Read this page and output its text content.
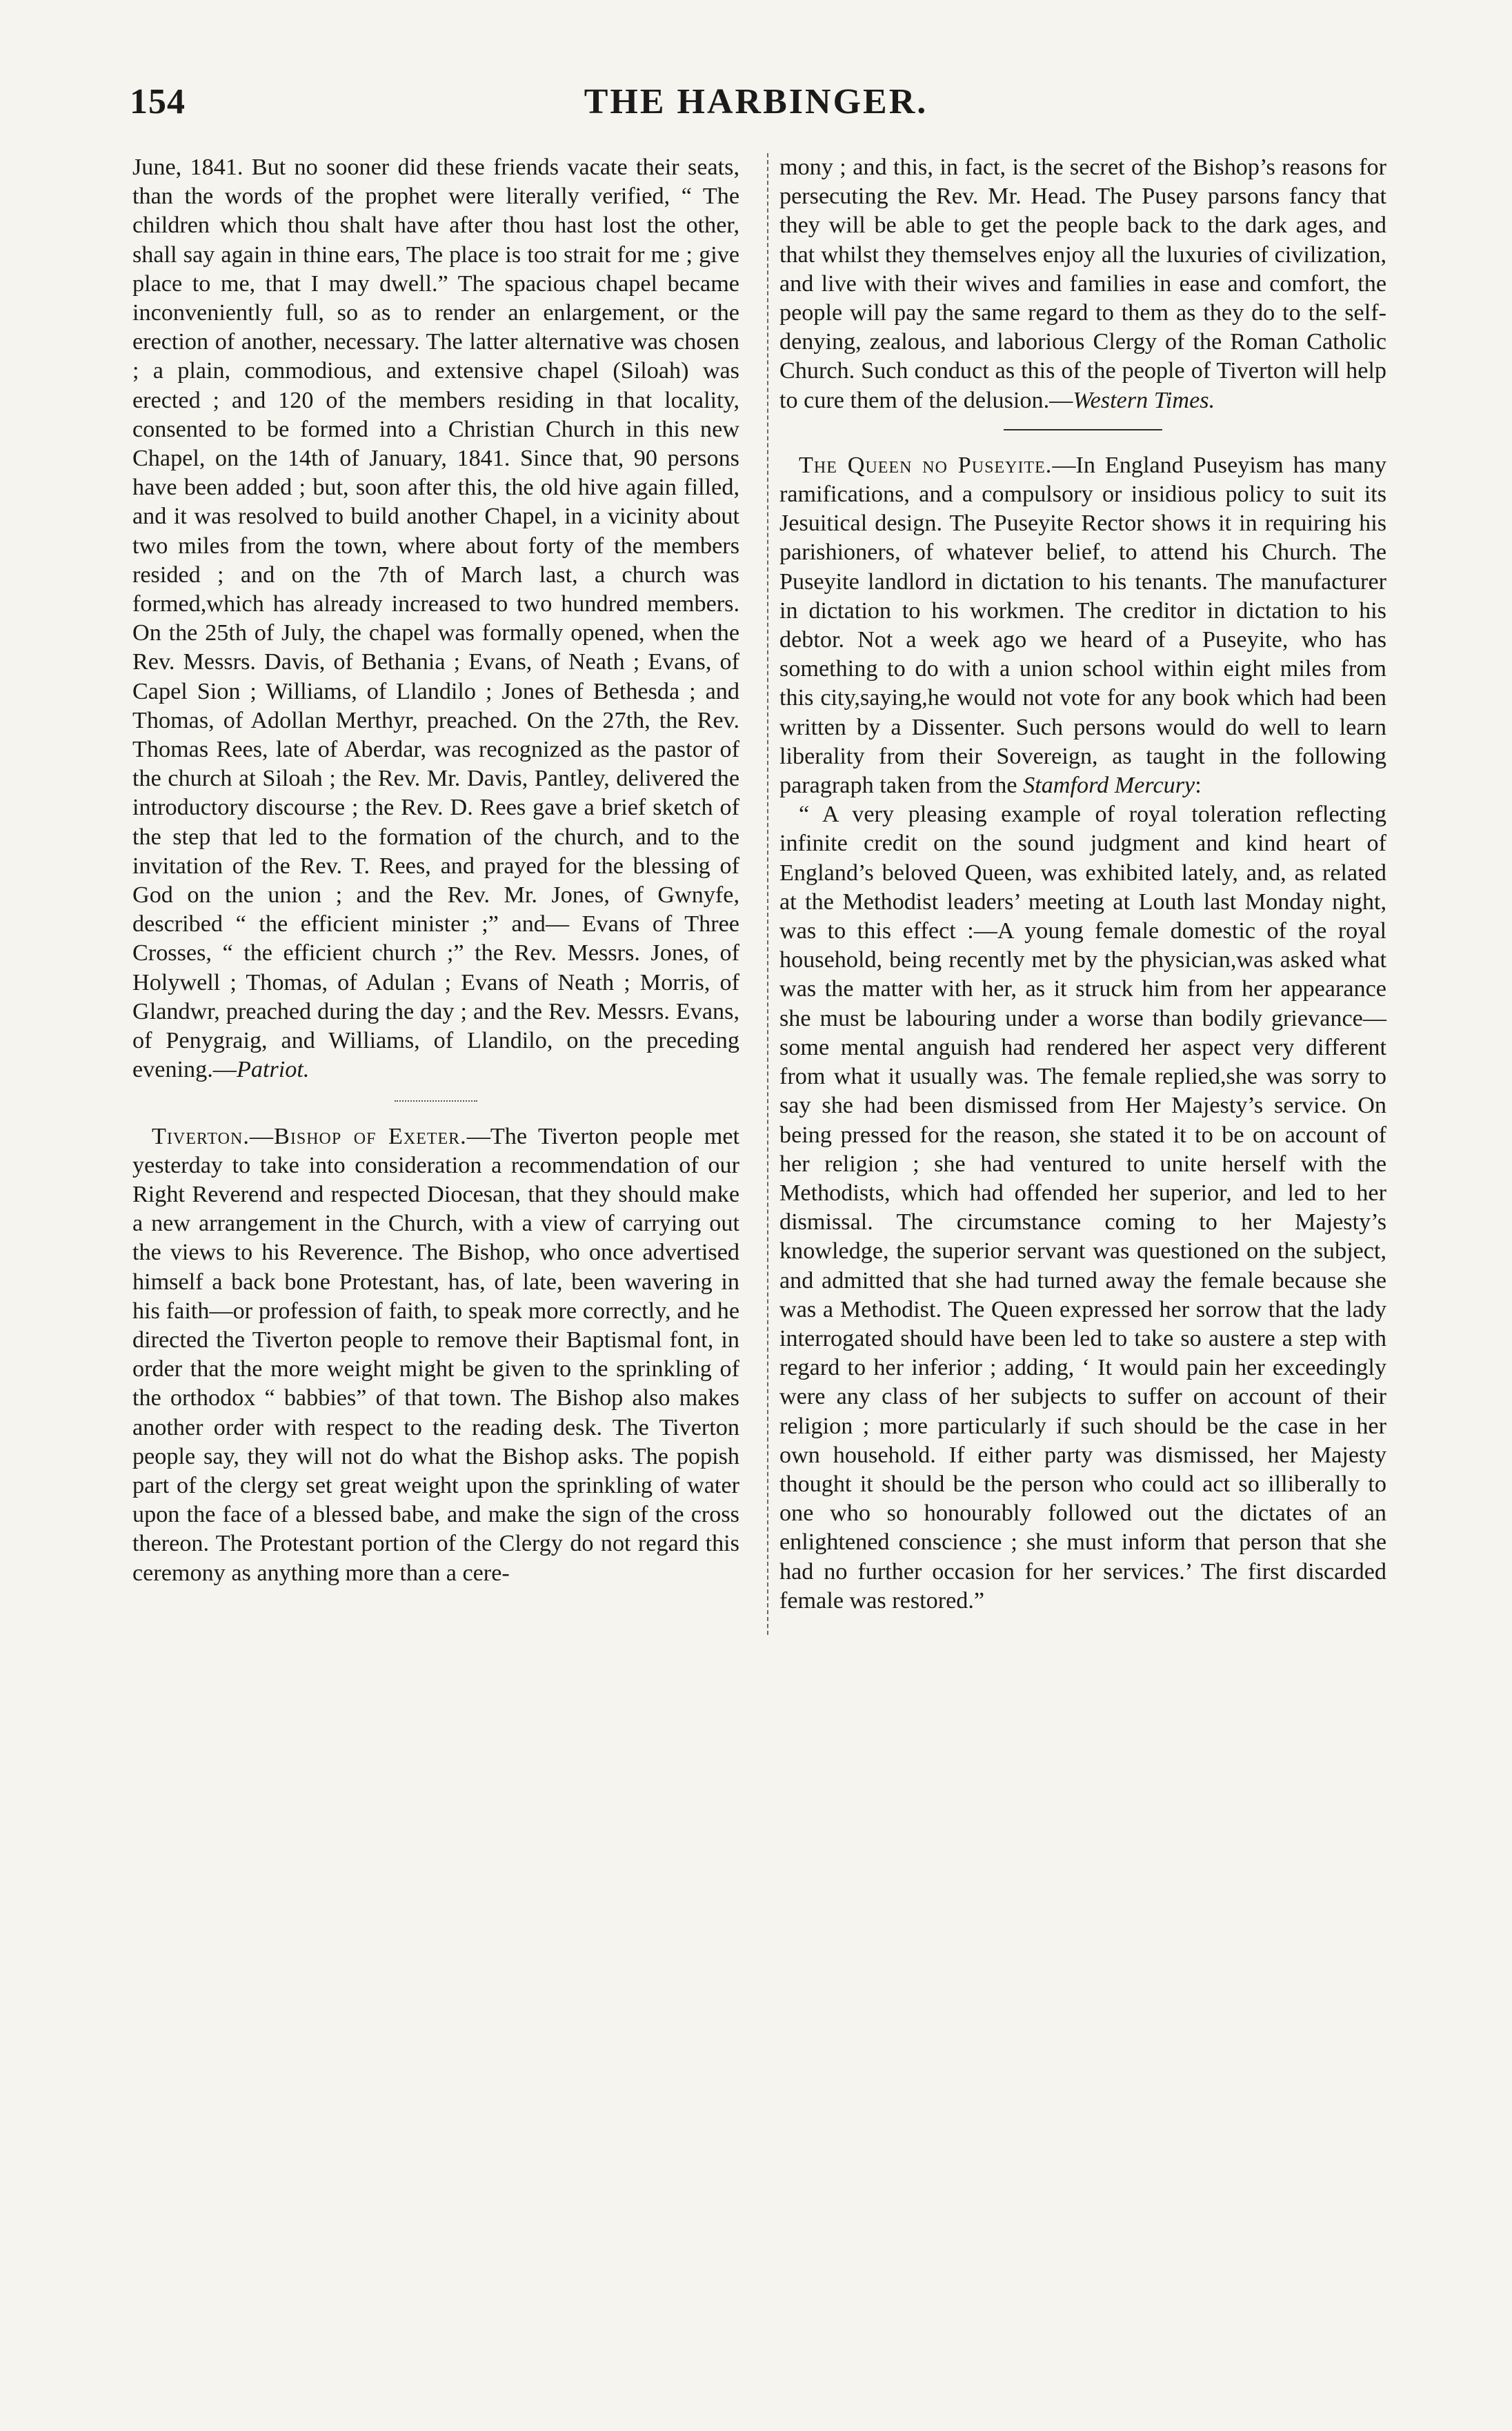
154	THE HARBINGER.

June, 1841. But no sooner did these friends vacate their seats, than the words of the prophet were literally verified, “ The children which thou shalt have after thou hast lost the other, shall say again in thine ears, The place is too strait for me ; give place to me, that I may dwell.” The spacious chapel became inconveniently full, so as to render an enlargement, or the erection of another, necessary. The latter alternative was chosen ; a plain, commodious, and extensive chapel (Siloah) was erected ; and 120 of the members residing in that locality, consented to be formed into a Christian Church in this new Chapel, on the 14th of January, 1841. Since that, 90 persons have been added ; but, soon after this, the old hive again filled, and it was resolved to build another Chapel, in a vicinity about two miles from the town, where about forty of the members resided ; and on the 7th of March last, a church was formed,which has already increased to two hundred members. On the 25th of July, the chapel was formally opened, when the Rev. Messrs. Davis, of Bethania ; Evans, of Neath ; Evans, of Capel Sion ; Williams, of Llandilo ; Jones of Bethesda ; and Thomas, of Adollan Merthyr, preached. On the 27th, the Rev. Thomas Rees, late of Aberdar, was recognized as the pastor of the church at Siloah ; the Rev. Mr. Davis, Pantley, delivered the introductory discourse ; the Rev. D. Rees gave a brief sketch of the step that led to the formation of the church, and to the invitation of the Rev. T. Rees, and prayed for the blessing of God on the union ; and the Rev. Mr. Jones, of Gwnyfe, described “ the efficient minister ;” and— Evans of Three Crosses, “ the efficient church ;” the Rev. Messrs. Jones, of Holywell ; Thomas, of Adulan ; Evans of Neath ; Morris, of Glandwr, preached during the day ; and the Rev. Messrs. Evans, of Penygraig, and Williams, of Llandilo, on the preceding evening.—Patriot.

Tiverton.—Bishop of Exeter.—The Tiverton people met yesterday to take into consideration a recommendation of our Right Reverend and respected Diocesan, that they should make a new arrangement in the Church, with a view of carrying out the views to his Reverence. The Bishop, who once advertised himself a back bone Protestant, has, of late, been wavering in his faith—or profession of faith, to speak more correctly, and he directed the Tiverton people to remove their Baptismal font, in order that the more weight might be given to the sprinkling of the orthodox “ babbies” of that town. The Bishop also makes another order with respect to the reading desk. The Tiverton people say, they will not do what the Bishop asks. The popish part of the clergy set great weight upon the sprinkling of water upon the face of a blessed babe, and make the sign of the cross thereon. The Protestant portion of the Clergy do not regard this ceremony as anything more than a cere-

mony ; and this, in fact, is the secret of the Bishop’s reasons for persecuting the Rev. Mr. Head. The Pusey parsons fancy that they will be able to get the people back to the dark ages, and that whilst they themselves enjoy all the luxuries of civilization, and live with their wives and families in ease and comfort, the people will pay the same regard to them as they do to the self-denying, zealous, and laborious Clergy of the Roman Catholic Church. Such conduct as this of the people of Tiverton will help to cure them of the delusion.—Western Times.

The Queen no Puseyite.—In England Puseyism has many ramifications, and a compulsory or insidious policy to suit its Jesuitical design. The Puseyite Rector shows it in requiring his parishioners, of whatever belief, to attend his Church. The Puseyite landlord in dictation to his tenants. The manufacturer in dictation to his workmen. The creditor in dictation to his debtor. Not a week ago we heard of a Puseyite, who has something to do with a union school within eight miles from this city,saying,he would not vote for any book which had been written by a Dissenter. Such persons would do well to learn liberality from their Sovereign, as taught in the following paragraph taken from the Stamford Mercury:

“ A very pleasing example of royal toleration reflecting infinite credit on the sound judgment and kind heart of England’s beloved Queen, was exhibited lately, and, as related at the Methodist leaders’ meeting at Louth last Monday night, was to this effect :—A young female domestic of the royal household, being recently met by the physician,was asked what was the matter with her, as it struck him from her appearance she must be labouring under a worse than bodily grievance—some mental anguish had rendered her aspect very different from what it usually was. The female replied,she was sorry to say she had been dismissed from Her Majesty’s service. On being pressed for the reason, she stated it to be on account of her religion ; she had ventured to unite herself with the Methodists, which had offended her superior, and led to her dismissal. The circumstance coming to her Majesty’s knowledge, the superior servant was questioned on the subject, and admitted that she had turned away the female because she was a Methodist. The Queen expressed her sorrow that the lady interrogated should have been led to take so austere a step with regard to her inferior ; adding, ‘ It would pain her exceedingly were any class of her subjects to suffer on account of their religion ; more particularly if such should be the case in her own household. If either party was dismissed, her Majesty thought it should be the person who could act so illiberally to one who so honourably followed out the dictates of an enlightened conscience ; she must inform that person that she had no further occasion for her services.’ The first discarded female was restored.”
